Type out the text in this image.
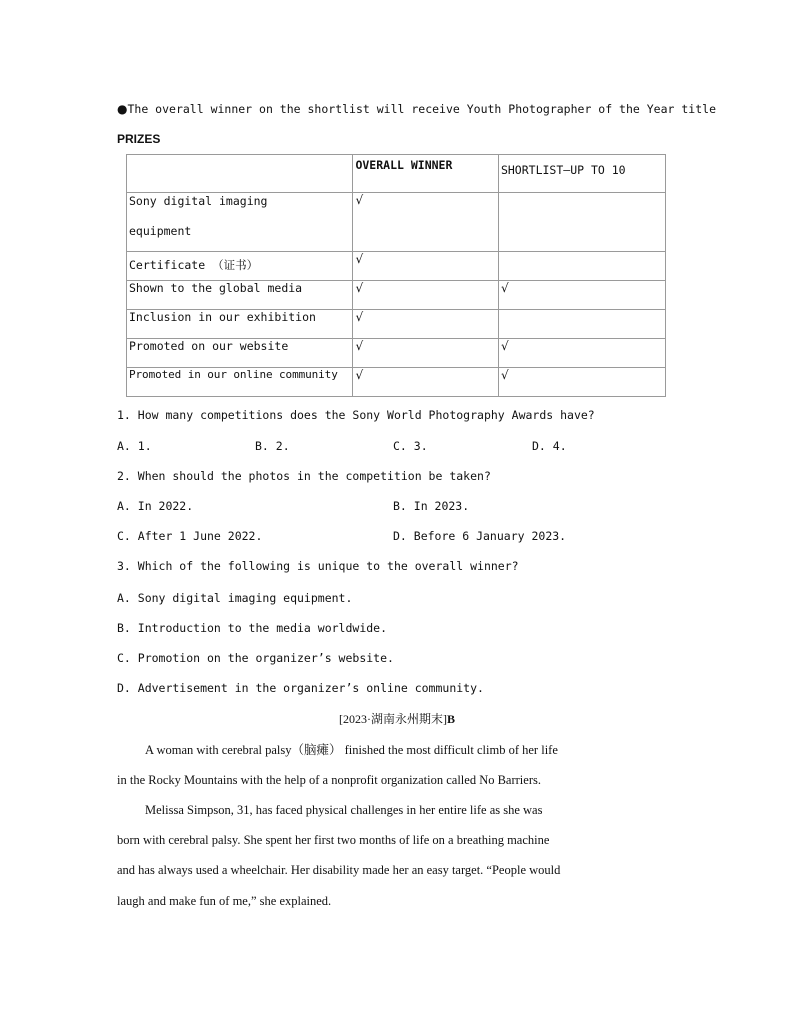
●The overall winner on the shortlist will receive Youth Photographer of the Year title
PRIZES
	OVERALL WINNER	SHORTLIST—UP TO 10

Sony digital imaging
equipment	√	
Certificate （证书）	√	
Shown to the global media	√	√
Inclusion in our exhibition	√	
Promoted on our website	√	√
Promoted in our online community	√	√
1. How many competitions does the Sony World Photography Awards have?
A. 1.	B. 2.	C. 3.	D. 4.
2. When should the photos in the competition be taken?
A. In 2022.	B. In 2023.
C. After 1 June 2022.	D. Before 6 January 2023.
3. Which of the following is unique to the overall winner?
A. Sony digital imaging equipment.
B. Introduction to the media worldwide.
C. Promotion on the organizer’s website.
D. Advertisement in the organizer’s online community.
[2023·湖南永州期末]B
A woman with cerebral palsy（脑瘫） finished the most difficult climb of her life
in the Rocky Mountains with the help of a nonprofit organization called No Barriers.
Melissa Simpson, 31, has faced physical challenges in her entire life as she was
born with cerebral palsy. She spent her first two months of life on a breathing machine
and has always used a wheelchair. Her disability made her an easy target. “People would
laugh and make fun of me,” she explained.
